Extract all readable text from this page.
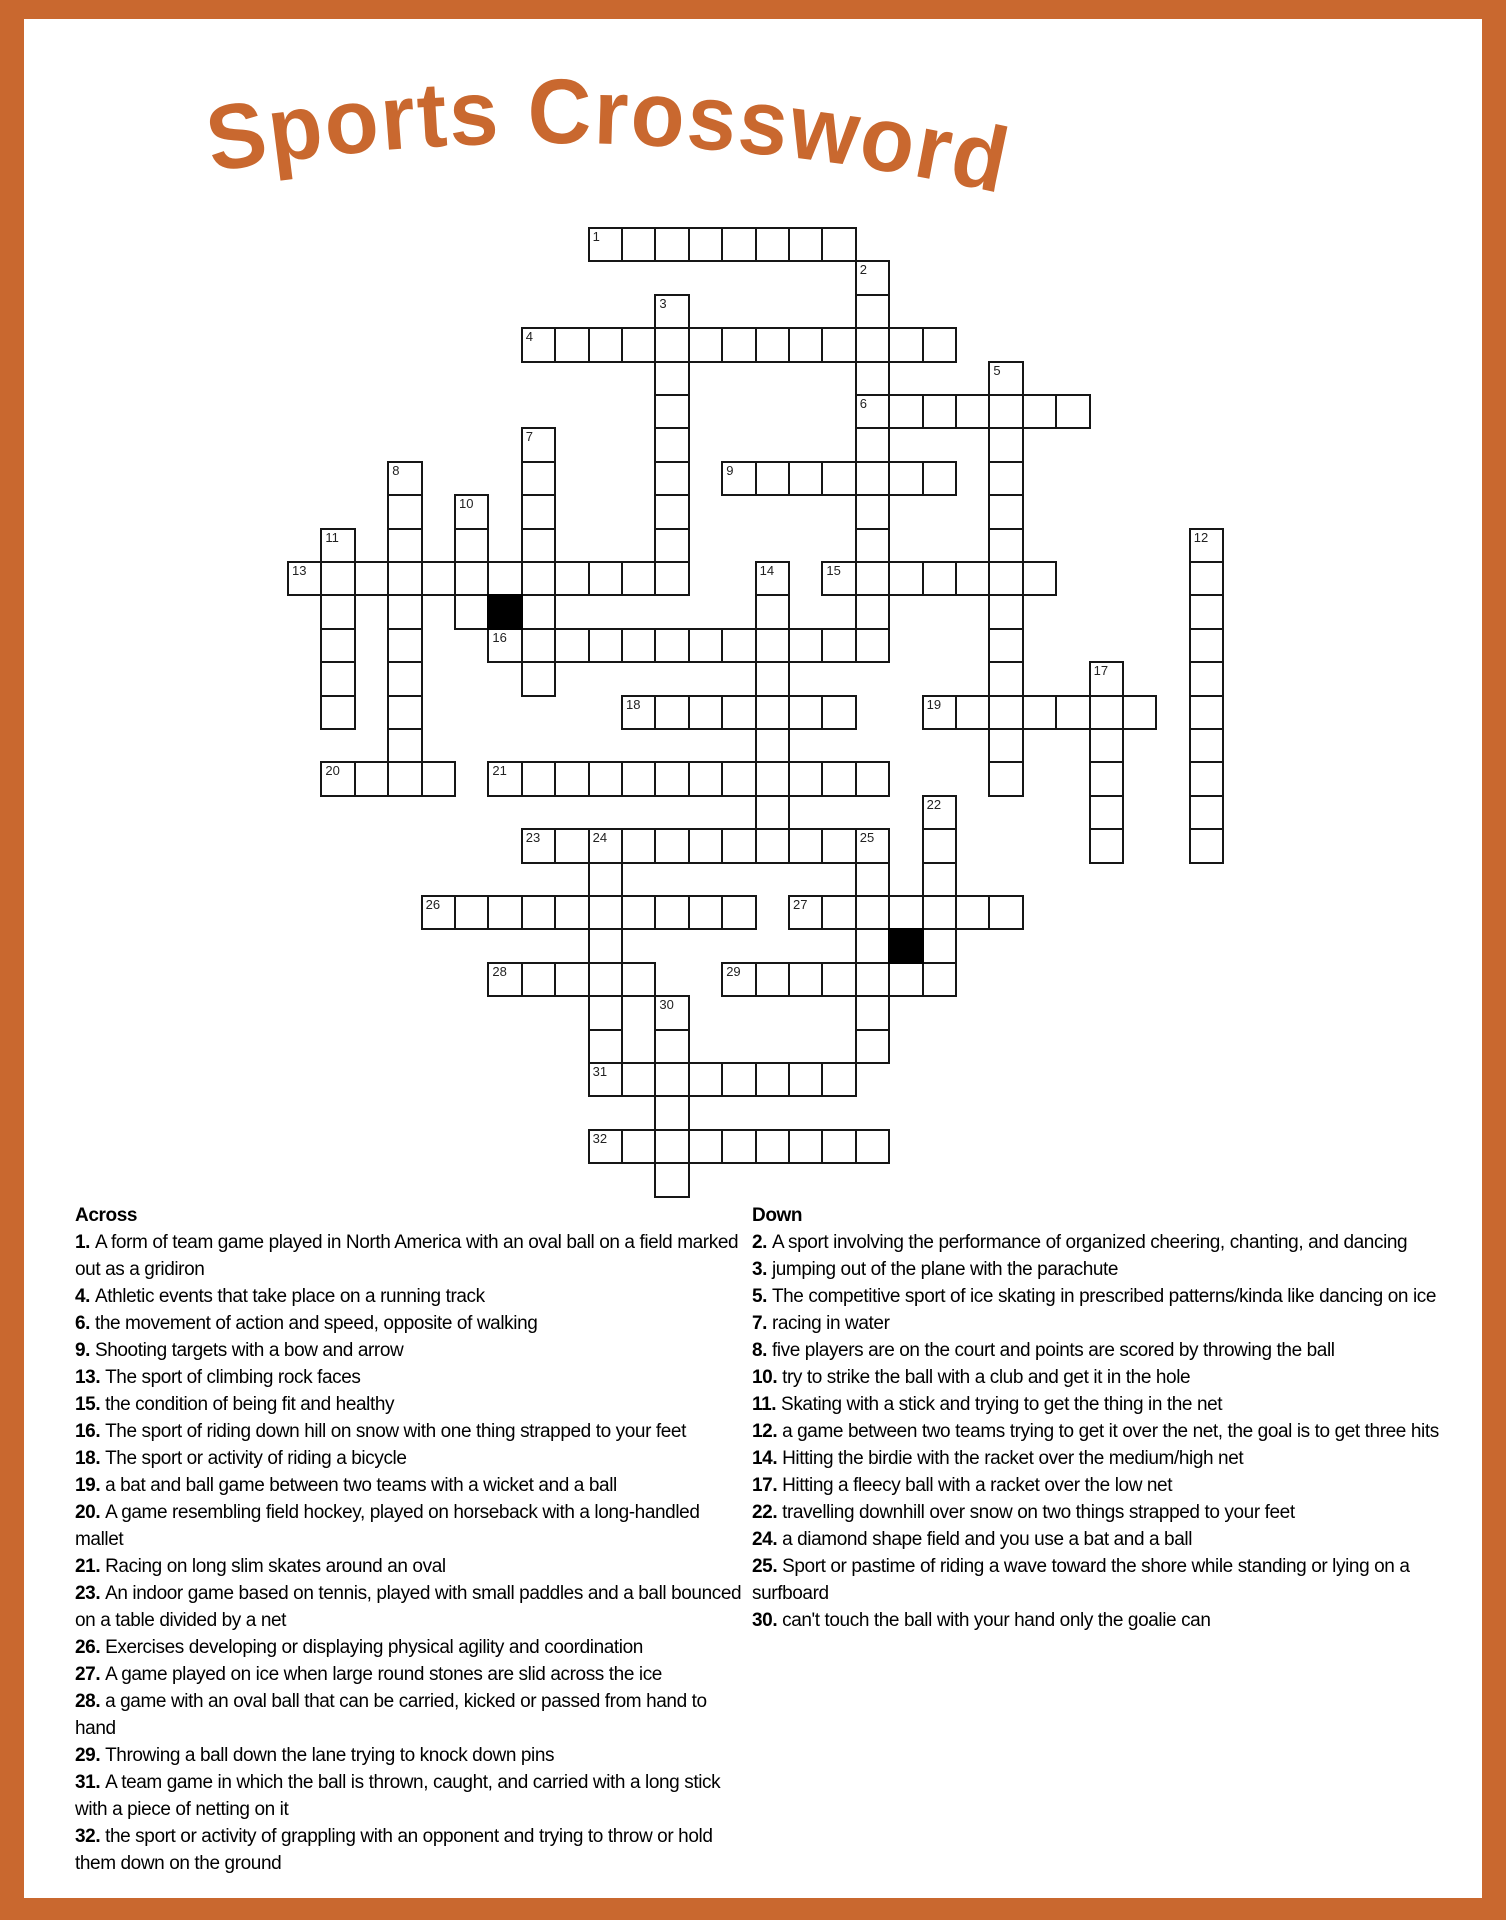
Sports Crossword
1
2
6
3
4
5
7
8	9
10
11	12
13	14	15
16
17
18	19
20	21
22
23	24	25
31
26	27
28	29
30
32
Across
1. A form of team game played in North America with an oval ball on a field marked out as a gridiron
4. Athletic events that take place on a running track
6. the movement of action and speed, opposite of walking
9. Shooting targets with a bow and arrow
13. The sport of climbing rock faces
15. the condition of being fit and healthy
16. The sport of riding down hill on snow with one thing strapped to your feet
18. The sport or activity of riding a bicycle
19. a bat and ball game between two teams with a wicket and a ball
20. A game resembling field hockey, played on horseback with a long-handled mallet
21. Racing on long slim skates around an oval
23. An indoor game based on tennis, played with small paddles and a ball bounced on a table divided by a net
26. Exercises developing or displaying physical agility and coordination
27. A game played on ice when large round stones are slid across the ice
28. a game with an oval ball that can be carried, kicked or passed from hand to hand
29. Throwing a ball down the lane trying to knock down pins
31. A team game in which the ball is thrown, caught, and carried with a long stick with a piece of netting on it
32. the sport or activity of grappling with an opponent and trying to throw or hold them down on the ground
Down
2. A sport involving the performance of organized cheering, chanting, and dancing
3. jumping out of the plane with the parachute
5. The competitive sport of ice skating in prescribed patterns/kinda like dancing on ice
7. racing in water
8. five players are on the court and points are scored by throwing the ball
10. try to strike the ball with a club and get it in the hole
11. Skating with a stick and trying to get the thing in the net
12. a game between two teams trying to get it over the net, the goal is to get three hits
14. Hitting the birdie with the racket over the medium/high net
17. Hitting a fleecy ball with a racket over the low net
22. travelling downhill over snow on two things strapped to your feet
24. a diamond shape field and you use a bat and a ball
25. Sport or pastime of riding a wave toward the shore while standing or lying on a surfboard
30. can't touch the ball with your hand only the goalie can
